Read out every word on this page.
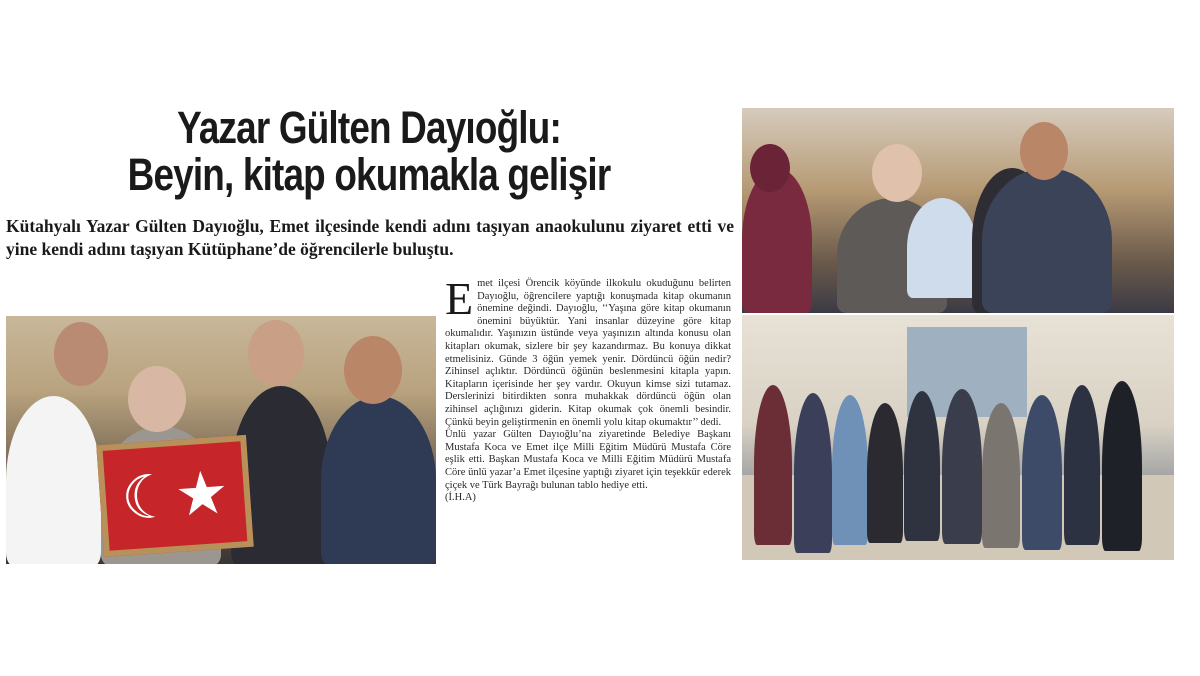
Yazar Gülten Dayıoğlu:
Beyin, kitap okumakla gelişir
Kütahyalı Yazar Gülten Dayıoğlu, Emet ilçesinde kendi adını taşıyan anaokulunu ziyaret etti ve yine kendi adını taşıyan Kütüphane’de öğrencilerle buluştu.
☾★
E met ilçesi Örencik köyünde ilkokulu okuduğunu belirten Dayıoğlu, öğrencilere yaptığı konuşmada kitap okumanın önemine değindi. Dayıoğlu, ‘‘Yaşına göre kitap okumanın önemini büyüktür. Yani insanlar düzeyine göre kitap okumalıdır. Yaşınızın üstünde veya yaşınızın altında konusu olan kitapları okumak, sizlere bir şey kazandırmaz. Bu konuya dikkat etmelisiniz. Günde 3 öğün yemek yenir. Dördüncü öğün nedir? Zihinsel açlıktır. Dördüncü öğünün beslenmesini kitapla yapın. Kitapların içerisinde her şey vardır. Okuyun kimse sizi tutamaz. Derslerinizi bitirdikten sonra muhakkak dördüncü öğün olan zihinsel açlığınızı giderin. Kitap okumak çok önemli besindir. Çünkü beyin geliştirmenin en önemli yolu kitap okumaktır’’ dedi.

Ünlü yazar Gülten Dayıoğlu’na ziyaretinde Belediye Başkanı Mustafa Koca ve Emet ilçe Milli Eğitim Müdürü Mustafa Cöre eşlik etti. Başkan Mustafa Koca ve Milli Eğitim Müdürü Mustafa Cöre ünlü yazar’a Emet ilçesine yaptığı ziyaret için teşekkür ederek çiçek ve Türk Bayrağı bulunan tablo hediye etti.

(İ.H.A)
